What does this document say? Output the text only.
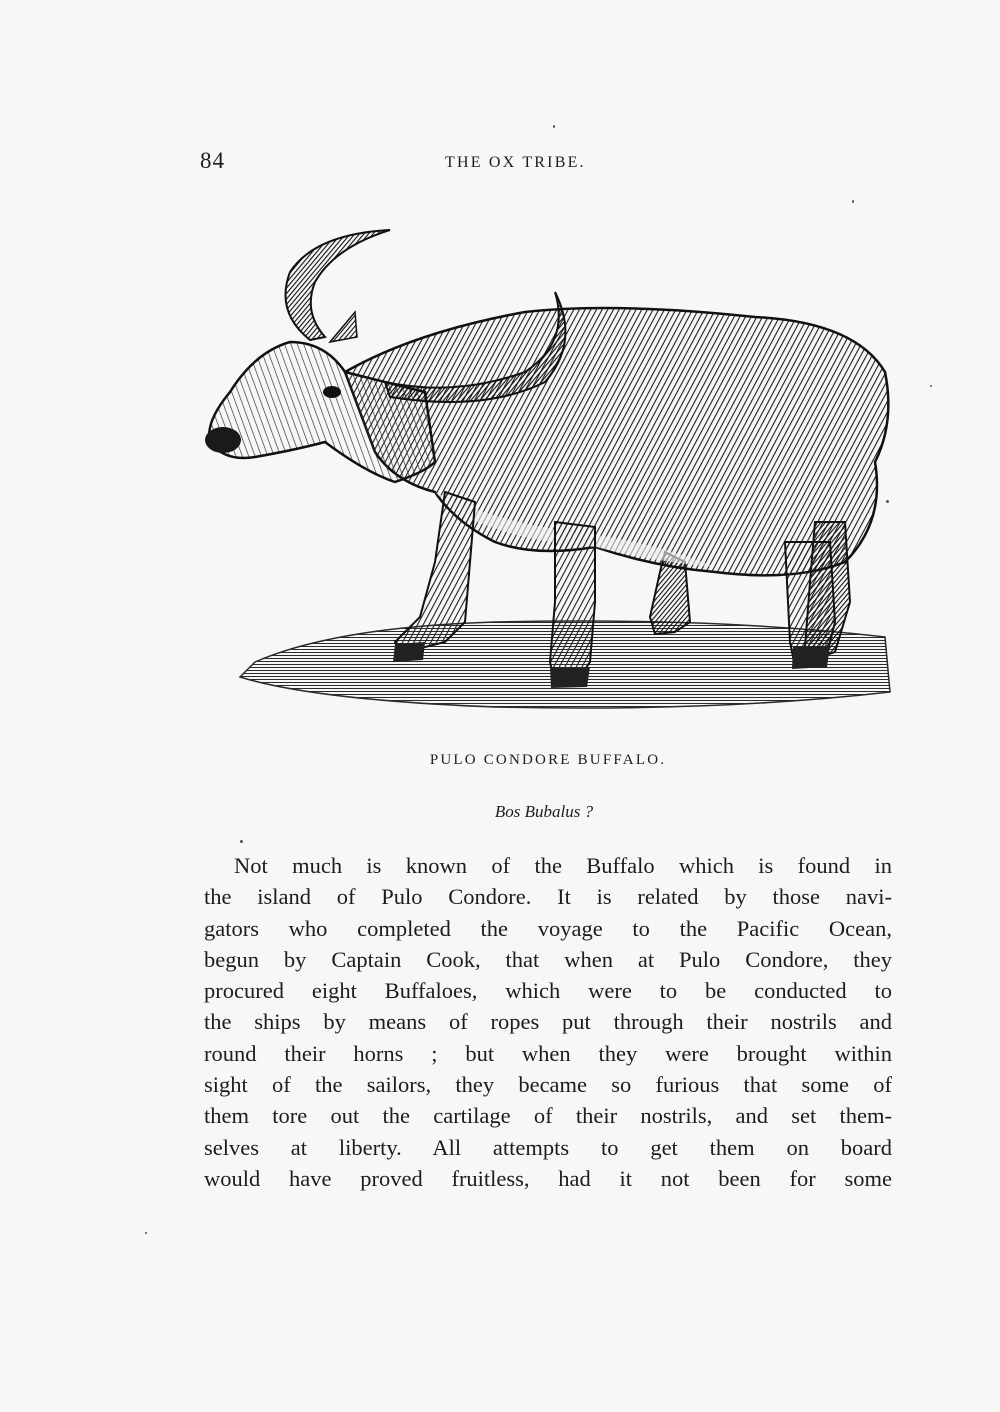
84	THE OX TRIBE.
PULO CONDORE BUFFALO.
Bos Bubalus ?
Not much is known of the Buffalo which is found in
the island of Pulo Condore. It is related by those navi-
gators who completed the voyage to the Pacific Ocean,
begun by Captain Cook, that when at Pulo Condore, they
procured eight Buffaloes, which were to be conducted to
the ships by means of ropes put through their nostrils and
round their horns ; but when they were brought within
sight of the sailors, they became so furious that some of
them tore out the cartilage of their nostrils, and set them-
selves at liberty. All attempts to get them on board
would have proved fruitless, had it not been for some
